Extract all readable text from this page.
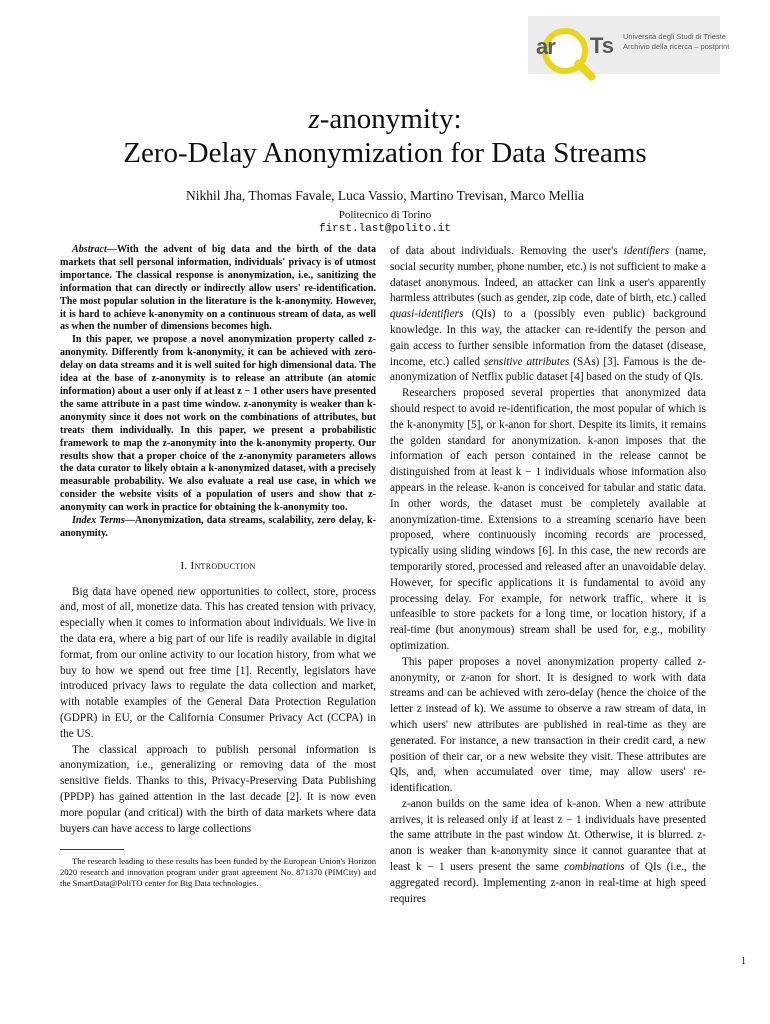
ar Ts Università degli Studi di Trieste
Archivio della ricerca – postprint
z-anonymity:
Zero-Delay Anonymization for Data Streams
Nikhil Jha, Thomas Favale, Luca Vassio, Martino Trevisan, Marco Mellia
Politecnico di Torino
first.last@polito.it

Abstract—With the advent of big data and the birth of the data markets that sell personal information, individuals' privacy is of utmost importance. The classical response is anonymization, i.e., sanitizing the information that can directly or indirectly allow users' re-identification. The most popular solution in the literature is the k-anonymity. However, it is hard to achieve k-anonymity on a continuous stream of data, as well as when the number of dimensions becomes high.

In this paper, we propose a novel anonymization property called z-anonymity. Differently from k-anonymity, it can be achieved with zero-delay on data streams and it is well suited for high dimensional data. The idea at the base of z-anonymity is to release an attribute (an atomic information) about a user only if at least z − 1 other users have presented the same attribute in a past time window. z-anonymity is weaker than k-anonymity since it does not work on the combinations of attributes, but treats them individually. In this paper, we present a probabilistic framework to map the z-anonymity into the k-anonymity property. Our results show that a proper choice of the z-anonymity parameters allows the data curator to likely obtain a k-anonymized dataset, with a precisely measurable probability. We also evaluate a real use case, in which we consider the website visits of a population of users and show that z-anonymity can work in practice for obtaining the k-anonymity too.

Index Terms—Anonymization, data streams, scalability, zero delay, k-anonymity.

I. Introduction

Big data have opened new opportunities to collect, store, process and, most of all, monetize data. This has created tension with privacy, especially when it comes to information about individuals. We live in the data era, where a big part of our life is readily available in digital format, from our online activity to our location history, from what we buy to how we spend out free time [1]. Recently, legislators have introduced privacy laws to regulate the data collection and market, with notable examples of the General Data Protection Regulation (GDPR) in EU, or the California Consumer Privacy Act (CCPA) in the US.

The classical approach to publish personal information is anonymization, i.e., generalizing or removing data of the most sensitive fields. Thanks to this, Privacy-Preserving Data Publishing (PPDP) has gained attention in the last decade [2]. It is now even more popular (and critical) with the birth of data markets where data buyers can have access to large collections

The research leading to these results has been funded by the European Union's Horizon 2020 research and innovation program under grant agreement No. 871370 (PIMCity) and the SmartData@PoliTO center for Big Data technologies.

of data about individuals. Removing the user's identifiers (name, social security number, phone number, etc.) is not sufficient to make a dataset anonymous. Indeed, an attacker can link a user's apparently harmless attributes (such as gender, zip code, date of birth, etc.) called quasi-identifiers (QIs) to a (possibly even public) background knowledge. In this way, the attacker can re-identify the person and gain access to further sensible information from the dataset (disease, income, etc.) called sensitive attributes (SAs) [3]. Famous is the de-anonymization of Netflix public dataset [4] based on the study of QIs.

Researchers proposed several properties that anonymized data should respect to avoid re-identification, the most popular of which is the k-anonymity [5], or k-anon for short. Despite its limits, it remains the golden standard for anonymization. k-anon imposes that the information of each person contained in the release cannot be distinguished from at least k − 1 individuals whose information also appears in the release. k-anon is conceived for tabular and static data. In other words, the dataset must be completely available at anonymization-time. Extensions to a streaming scenario have been proposed, where continuously incoming records are processed, typically using sliding windows [6]. In this case, the new records are temporarily stored, processed and released after an unavoidable delay. However, for specific applications it is fundamental to avoid any processing delay. For example, for network traffic, where it is unfeasible to store packets for a long time, or location history, if a real-time (but anonymous) stream shall be used for, e.g., mobility optimization.

This paper proposes a novel anonymization property called z-anonymity, or z-anon for short. It is designed to work with data streams and can be achieved with zero-delay (hence the choice of the letter z instead of k). We assume to observe a raw stream of data, in which users' new attributes are published in real-time as they are generated. For instance, a new transaction in their credit card, a new position of their car, or a new website they visit. These attributes are QIs, and, when accumulated over time, may allow users' re-identification.

z-anon builds on the same idea of k-anon. When a new attribute arrives, it is released only if at least z − 1 individuals have presented the same attribute in the past window Δt. Otherwise, it is blurred. z-anon is weaker than k-anonymity since it cannot guarantee that at least k − 1 users present the same combinations of QIs (i.e., the aggregated record). Implementing z-anon in real-time at high speed requires

1
